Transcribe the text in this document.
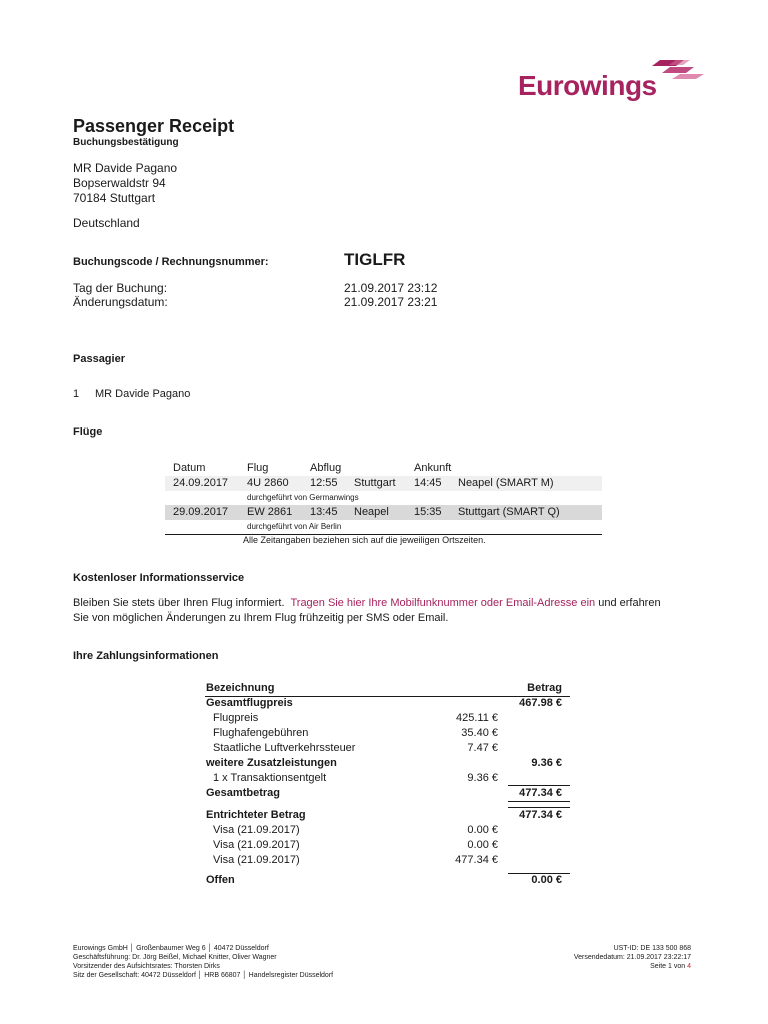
Eurowings
Passenger Receipt
Buchungsbestätigung
MR Davide Pagano
Bopserwaldstr 94
70184 Stuttgart
Deutschland
Buchungscode / Rechnungsnummer:	TIGLFR
Tag der Buchung:	21.09.2017 23:12
Änderungsdatum:	21.09.2017 23:21
Passagier
1 MR Davide Pagano
Flüge
Datum	Flug	Abflug	Ankunft
24.09.2017 4U 2860 12:55 Stuttgart 14:45 Neapel (SMART M)
durchgeführt von Germanwings
29.09.2017 EW 2861 13:45 Neapel 15:35 Stuttgart (SMART Q)
durchgeführt von Air Berlin
Alle Zeitangaben beziehen sich auf die jeweiligen Ortszeiten.
Kostenloser Informationsservice
Bleiben Sie stets über Ihren Flug informiert. Tragen Sie hier Ihre Mobilfunknummer oder Email-Adresse ein und erfahren
Sie von möglichen Änderungen zu Ihrem Flug frühzeitig per SMS oder Email.
Ihre Zahlungsinformationen
Bezeichnung	Betrag
Gesamtflugpreis	467.98 €
Flugpreis	425.11 €
Flughafengebühren	35.40 €
Staatliche Luftverkehrssteuer	7.47 €
weitere Zusatzleistungen	9.36 €
1 x Transaktionsentgelt	9.36 €
Gesamtbetrag	477.34 €
Entrichteter Betrag	477.34 €
Visa (21.09.2017)	0.00 €
Visa (21.09.2017)	0.00 €
Visa (21.09.2017)	477.34 €
Offen	0.00 €
Eurowings GmbH │ Großenbaumer Weg 6 │ 40472 Düsseldorf
Geschäftsführung: Dr. Jörg Beißel, Michael Knitter, Oliver Wagner
Vorsitzender des Aufsichtsrates: Thorsten Dirks
Sitz der Gesellschaft: 40472 Düsseldorf │ HRB 66807 │ Handelsregister Düsseldorf
UST-ID: DE 133 500 868
Versendedatum: 21.09.2017 23:22:17
Seite 1 von 4
